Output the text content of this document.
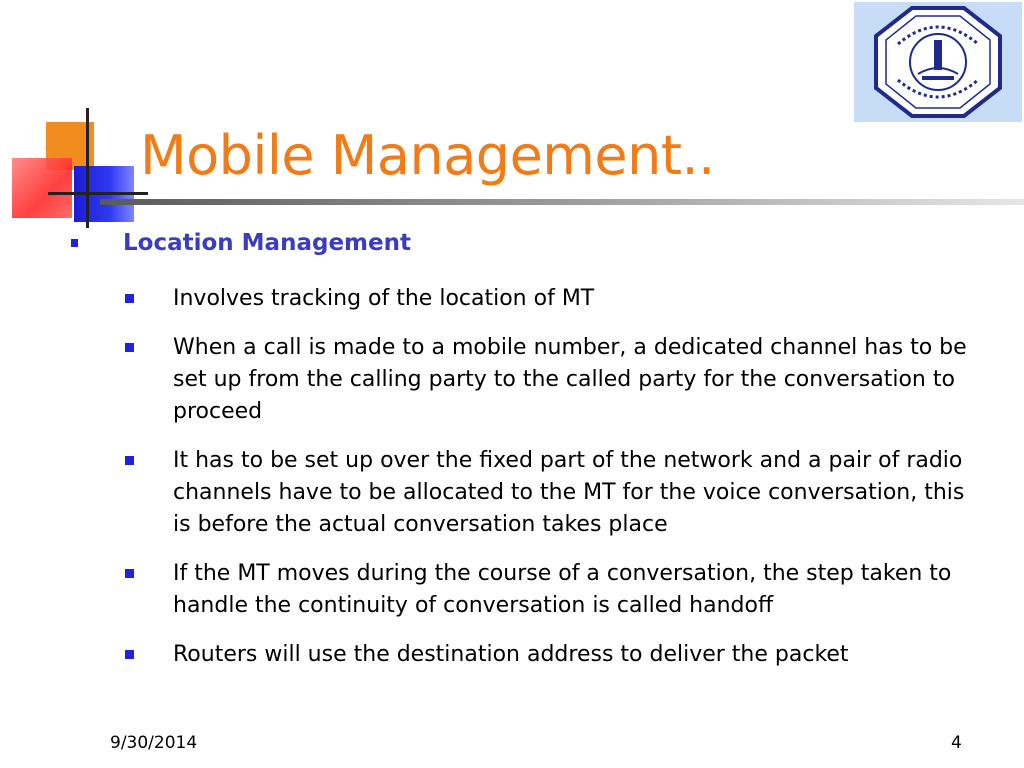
Mobile Management..
Location Management
Involves tracking of the location of MT
When a call is made to a mobile number, a dedicated channel has to be set up from the calling party to the called party for the conversation to proceed
It has to be set up over the fixed part of the network and a pair of radio channels have to be allocated to the MT for the voice conversation, this is before the actual conversation takes place
If the MT moves during the course of a conversation, the step taken to handle the continuity of conversation is called handoff
Routers will use the destination address to deliver the packet
9/30/2014	4
